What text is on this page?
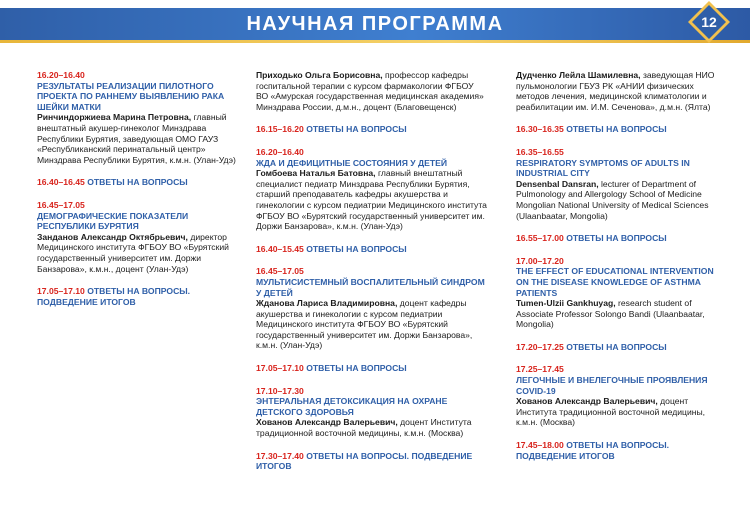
НАУЧНАЯ ПРОГРАММА	12
16.20–16.40
РЕЗУЛЬТАТЫ РЕАЛИЗАЦИИ ПИЛОТНОГО ПРОЕКТА ПО РАННЕМУ ВЫЯВЛЕНИЮ РАКА ШЕЙКИ МАТКИ
Ринчиндоржиева Марина Петровна, главный внештатный акушер-гинеколог Минздрава Республики Бурятия, заведующая ОМО ГАУЗ «Республиканский перинатальный центр» Минздрава Республики Бурятия, к.м.н. (Улан-Удэ)
16.40–16.45 ОТВЕТЫ НА ВОПРОСЫ
16.45–17.05
ДЕМОГРАФИЧЕСКИЕ ПОКАЗАТЕЛИ РЕСПУБЛИКИ БУРЯТИЯ
Занданов Александр Октябрьевич, директор Медицинского института ФГБОУ ВО «Бурятский государственный университет им. Доржи Банзарова», к.м.н., доцент (Улан-Удэ)
17.05–17.10 ОТВЕТЫ НА ВОПРОСЫ. ПОДВЕДЕНИЕ ИТОГОВ
Приходько Ольга Борисовна, профессор кафедры госпитальной терапии с курсом фармакологии ФГБОУ ВО «Амурская государственная медицинская академия» Минздрава России, д.м.н., доцент (Благовещенск)
16.15–16.20 ОТВЕТЫ НА ВОПРОСЫ
16.20–16.40
ЖДА И ДЕФИЦИТНЫЕ СОСТОЯНИЯ У ДЕТЕЙ
Гомбоева Наталья Батовна, главный внештатный специалист педиатр Минздрава Республики Бурятия, старший преподаватель кафедры акушерства и гинекологии с курсом педиатрии Медицинского института ФГБОУ ВО «Бурятский государственный университет им. Доржи Банзарова», к.м.н. (Улан-Удэ)
16.40–15.45 ОТВЕТЫ НА ВОПРОСЫ
16.45–17.05
МУЛЬТИСИСТЕМНЫЙ ВОСПАЛИТЕЛЬНЫЙ СИНДРОМ У ДЕТЕЙ
Жданова Лариса Владимировна, доцент кафедры акушерства и гинекологии с курсом педиатрии Медицинского института ФГБОУ ВО «Бурятский государственный университет им. Доржи Банзарова», к.м.н. (Улан-Удэ)
17.05–17.10 ОТВЕТЫ НА ВОПРОСЫ
17.10–17.30
ЭНТЕРАЛЬНАЯ ДЕТОКСИКАЦИЯ НА ОХРАНЕ ДЕТСКОГО ЗДОРОВЬЯ
Хованов Александр Валерьевич, доцент Института традиционной восточной медицины, к.м.н. (Москва)
17.30–17.40 ОТВЕТЫ НА ВОПРОСЫ. ПОДВЕДЕНИЕ ИТОГОВ
Дудченко Лейла Шамилевна, заведующая НИО пульмонологии ГБУЗ РК «АНИИ физических методов лечения, медицинской климатологии и реабилитации им. И.М. Сеченова», д.м.н. (Ялта)
16.30–16.35 ОТВЕТЫ НА ВОПРОСЫ
16.35–16.55
RESPIRATORY SYMPTOMS OF ADULTS IN INDUSTRIAL CITY
Densenbal Dansran, lecturer of Department of Pulmonology and Allergology School of Medicine Mongolian National University of Medical Sciences (Ulaanbaatar, Mongolia)
16.55–17.00 ОТВЕТЫ НА ВОПРОСЫ
17.00–17.20
THE EFFECT OF EDUCATIONAL INTERVENTION ON THE DISEASE KNOWLEDGE OF ASTHMA PATIENTS
Tumen-Ulzii Gankhuyag, research student of Associate Professor Solongo Bandi (Ulaanbaatar, Mongolia)
17.20–17.25 ОТВЕТЫ НА ВОПРОСЫ
17.25–17.45
ЛЕГОЧНЫЕ И ВНЕЛЕГОЧНЫЕ ПРОЯВЛЕНИЯ COVID-19
Хованов Александр Валерьевич, доцент Института традиционной восточной медицины, к.м.н. (Москва)
17.45–18.00 ОТВЕТЫ НА ВОПРОСЫ. ПОДВЕДЕНИЕ ИТОГОВ
